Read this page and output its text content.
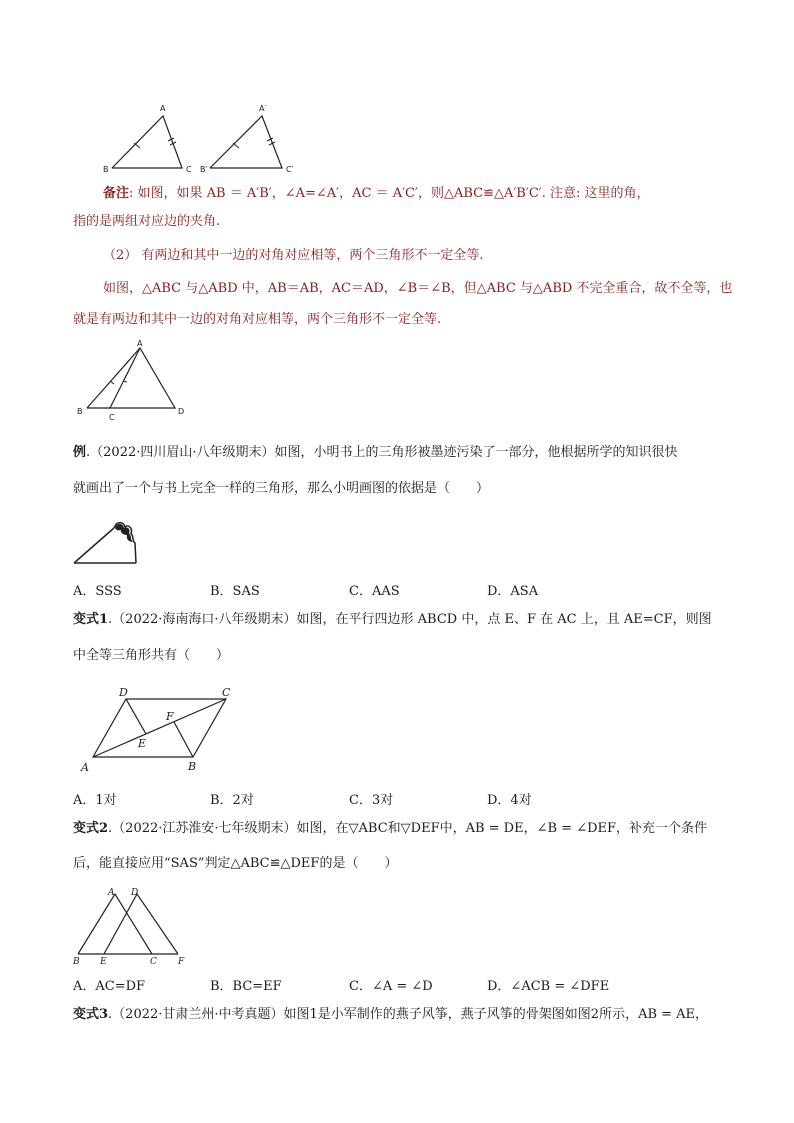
A
B	C
A′
B′	C′
备注: 如图，如果 AB ＝ A′B′，∠A=∠A′，AC ＝ A′C′，则△ABC≌△A′B′C′. 注意: 这里的角，
指的是两组对应边的夹角.
（2） 有两边和其中一边的对角对应相等，两个三角形不一定全等.
如图，△ABC 与△ABD 中，AB＝AB，AC＝AD，∠B＝∠B，但△ABC 与△ABD 不完全重合，故不全等，也
就是有两边和其中一边的对角对应相等，两个三角形不一定全等.
A
B
C
D
例.（2022·四川眉山·八年级期末）如图，小明书上的三角形被墨迹污染了一部分，他根据所学的知识很快
就画出了一个与书上完全一样的三角形，那么小明画图的依据是（　　）
A．SSS	B．SAS	C．AAS	D．ASA
变式1.（2022·海南海口·八年级期末）如图，在平行四边形 ABCD 中，点 E、F 在 AC 上，且 AE=CF，则图
中全等三角形共有（　　）
D	C
F
E
A	B
A．1对	B．2对	C．3对	D．4对
变式2.（2022·江苏淮安·七年级期末）如图，在▽ABC和▽DEF中，AB = DE，∠B = ∠DEF，补充一个条件
后，能直接应用“SAS”判定△ABC≌△DEF的是（　　）
A D
B E	C F
A．AC=DF	B．BC=EF	C．∠A = ∠D	D．∠ACB = ∠DFE
变式3.（2022·甘肃兰州·中考真题）如图1是小军制作的燕子风筝，燕子风筝的骨架图如图2所示，AB = AE，
